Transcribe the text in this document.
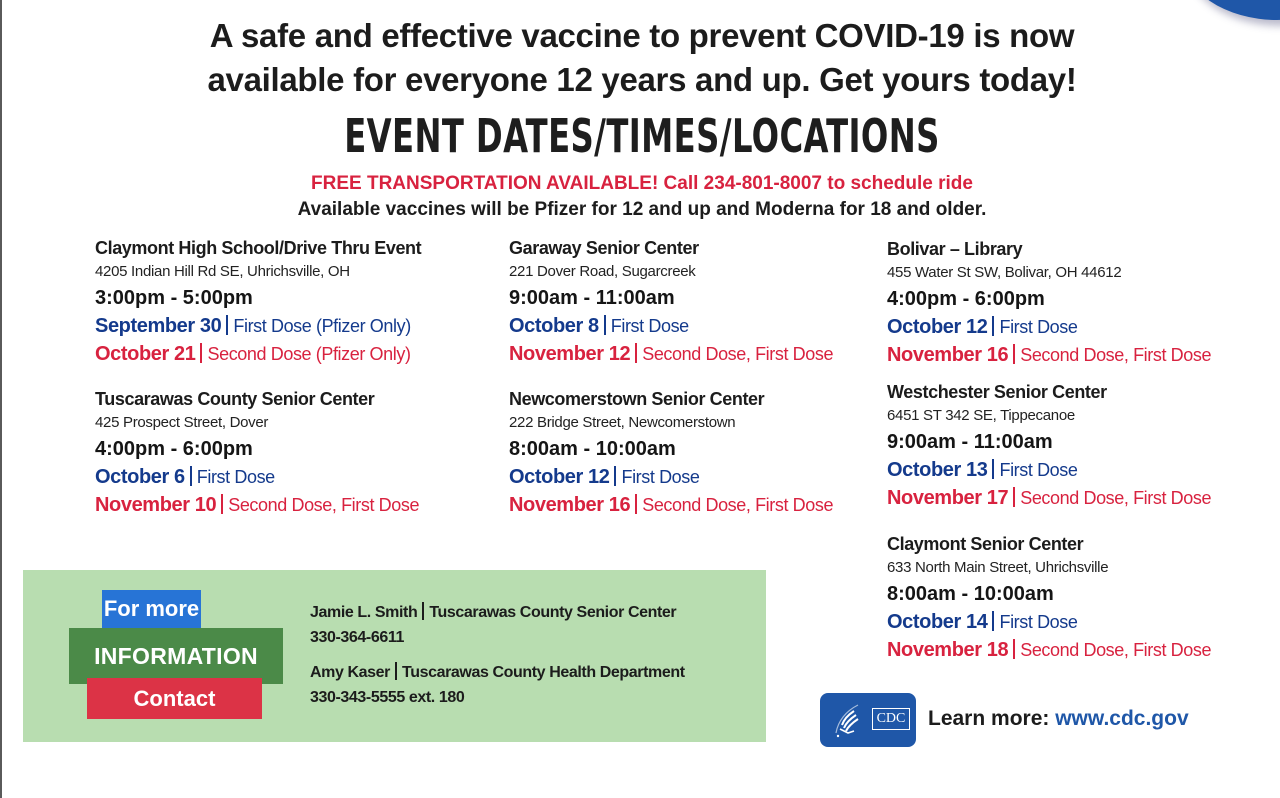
A safe and effective vaccine to prevent COVID-19 is now
available for everyone 12 years and up. Get yours today!
EVENT DATES/TIMES/LOCATIONS
FREE TRANSPORTATION AVAILABLE! Call 234-801-8007 to schedule ride
Available vaccines will be Pfizer for 12 and up and Moderna for 18 and older.
Claymont High School/Drive Thru Event
4205 Indian Hill Rd SE, Uhrichsville, OH
3:00pm - 5:00pm
September 30 First Dose (Pfizer Only)
October 21 Second Dose (Pfizer Only)
Tuscarawas County Senior Center
425 Prospect Street, Dover
4:00pm - 6:00pm
October 6 First Dose
November 10 Second Dose, First Dose
Garaway Senior Center
221 Dover Road, Sugarcreek
9:00am - 11:00am
October 8 First Dose
November 12 Second Dose, First Dose
Newcomerstown Senior Center
222 Bridge Street, Newcomerstown
8:00am - 10:00am
October 12 First Dose
November 16 Second Dose, First Dose
Bolivar – Library
455 Water St SW, Bolivar, OH 44612
4:00pm - 6:00pm
October 12 First Dose
November 16 Second Dose, First Dose
Westchester Senior Center
6451 ST 342 SE, Tippecanoe
9:00am - 11:00am
October 13 First Dose
November 17 Second Dose, First Dose
Claymont Senior Center
633 North Main Street, Uhrichsville
8:00am - 10:00am
October 14 First Dose
November 18 Second Dose, First Dose
INFORMATION
For more
Contact
Jamie L. Smith Tuscarawas County Senior Center
330-364-6611
Amy Kaser Tuscarawas County Health Department
330-343-5555 ext. 180
CDC Learn more: www.cdc.gov
